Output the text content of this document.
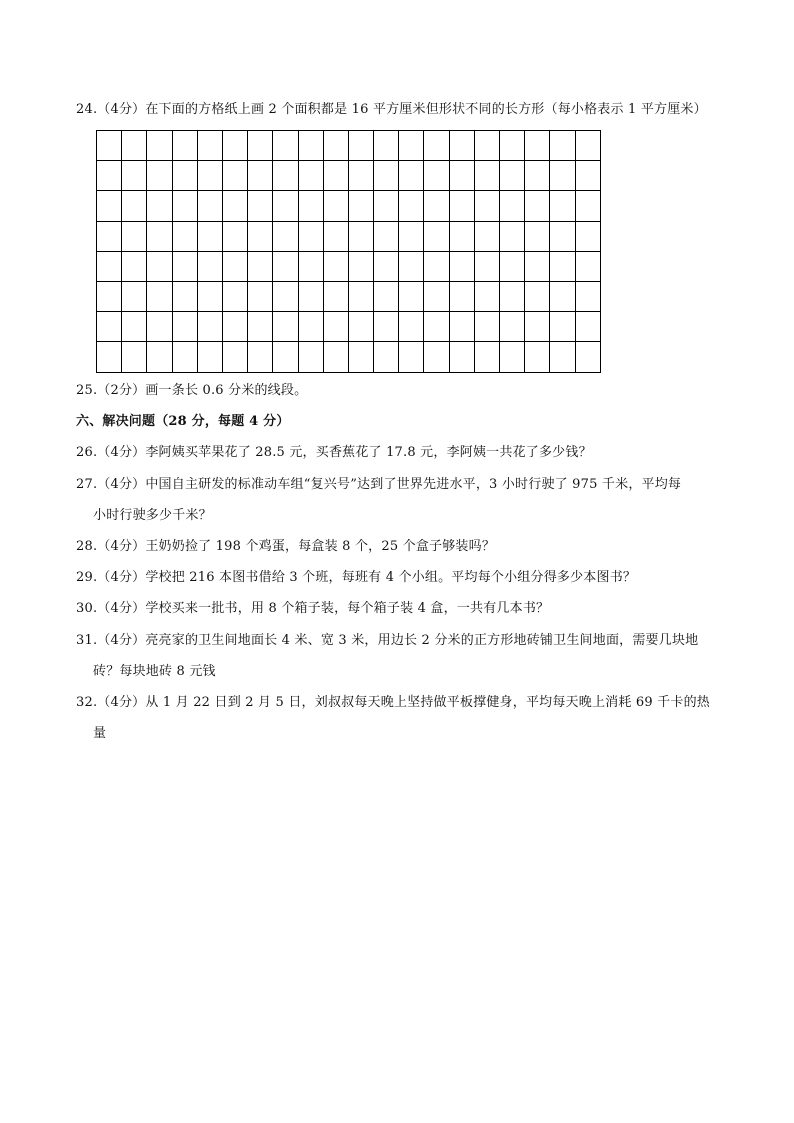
24.（4分）在下面的方格纸上画 2 个面积都是 16 平方厘米但形状不同的长方形（每小格表示 1 平方厘米）

25.（2分）画一条长 0.6 分米的线段。
六、解决问题（28 分，每题 4 分）
26.（4分）李阿姨买苹果花了 28.5 元，买香蕉花了 17.8 元，李阿姨一共花了多少钱？
27.（4分）中国自主研发的标准动车组“复兴号”达到了世界先进水平，3 小时行驶了 975 千米，平均每
小时行驶多少千米？
28.（4分）王奶奶捡了 198 个鸡蛋，每盒装 8 个，25 个盒子够装吗？
29.（4分）学校把 216 本图书借给 3 个班，每班有 4 个小组。平均每个小组分得多少本图书？
30.（4分）学校买来一批书，用 8 个箱子装，每个箱子装 4 盒，一共有几本书？
31.（4分）亮亮家的卫生间地面长 4 米、宽 3 米，用边长 2 分米的正方形地砖铺卫生间地面，需要几块地
砖？每块地砖 8 元钱
32.（4分）从 1 月 22 日到 2 月 5 日，刘叔叔每天晚上坚持做平板撑健身，平均每天晚上消耗 69 千卡的热
量
